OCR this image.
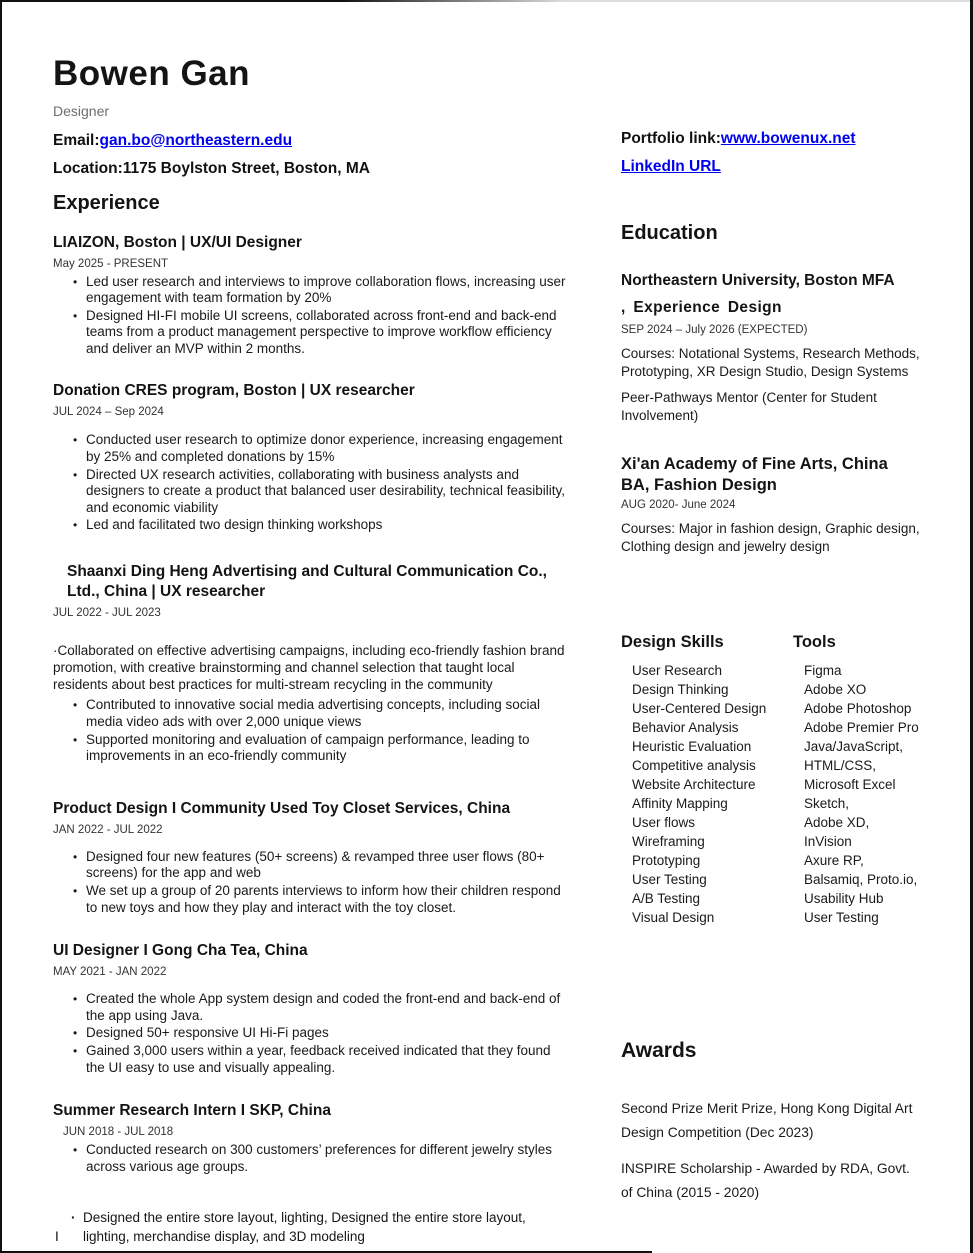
Bowen Gan
Designer
Email:gan.bo@northeastern.edu
Location:1175 Boylston Street, Boston, MA
Experience
LIAIZON, Boston | UX/UI Designer
May 2025 - PRESENT
• Led user research and interviews to improve collaboration flows, increasing user engagement with team formation by 20%
• Designed HI-FI mobile UI screens, collaborated across front-end and back-end teams from a product management perspective to improve workflow efficiency and deliver an MVP within 2 months.
Donation CRES program, Boston | UX researcher
JUL 2024 – Sep 2024
• Conducted user research to optimize donor experience, increasing engagement by 25% and completed donations by 15%
• Directed UX research activities, collaborating with business analysts and designers to create a product that balanced user desirability, technical feasibility, and economic viability
• Led and facilitated two design thinking workshops
Shaanxi Ding Heng Advertising and Cultural Communication Co.,
Ltd., China | UX researcher
JUL 2022 - JUL 2023
·Collaborated on effective advertising campaigns, including eco-friendly fashion brand promotion, with creative brainstorming and channel selection that taught local residents about best practices for multi-stream recycling in the community
• Contributed to innovative social media advertising concepts, including social media video ads with over 2,000 unique views
• Supported monitoring and evaluation of campaign performance, leading to improvements in an eco-friendly community
Product Design I Community Used Toy Closet Services, China
JAN 2022 - JUL 2022
• Designed four new features (50+ screens) & revamped three user flows (80+ screens) for the app and web
• We set up a group of 20 parents interviews to inform how their children respond to new toys and how they play and interact with the toy closet.
UI Designer I Gong Cha Tea, China
MAY 2021 - JAN 2022
• Created the whole App system design and coded the front-end and back-end of the app using Java.
• Designed 50+ responsive UI Hi-Fi pages
• Gained 3,000 users within a year, feedback received indicated that they found the UI easy to use and visually appealing.
Summer Research Intern I SKP, China
JUN 2018 - JUL 2018
• Conducted research on 300 customers’ preferences for different jewelry styles across various age groups.
I
· Designed the entire store layout, lighting, Designed the entire store layout, lighting, merchandise display, and 3D modeling
Portfolio link:www.bowenux.net
LinkedIn URL
Education
Northeastern University, Boston MFA
, Experience Design
SEP 2024 – July 2026 (EXPECTED)
Courses: Notational Systems, Research Methods, Prototyping, XR Design Studio, Design Systems
Peer-Pathways Mentor (Center for Student Involvement)
Xi'an Academy of Fine Arts, China
BA, Fashion Design
AUG 2020- June 2024
Courses: Major in fashion design, Graphic design, Clothing design and jewelry design
Design Skills
User Research
Design Thinking
User-Centered Design
Behavior Analysis
Heuristic Evaluation
Competitive analysis
Website Architecture
Affinity Mapping
User flows
Wireframing
Prototyping
User Testing
A/B Testing
Visual Design
Tools
Figma
Adobe XO
Adobe Photoshop
Adobe Premier Pro
Java/JavaScript,
HTML/CSS,
Microsoft Excel
Sketch,
Adobe XD,
InVision
Axure RP,
Balsamiq, Proto.io,
Usability Hub
User Testing
Awards
Second Prize Merit Prize, Hong Kong Digital Art Design Competition (Dec 2023)
INSPIRE Scholarship - Awarded by RDA, Govt. of China (2015 - 2020)
